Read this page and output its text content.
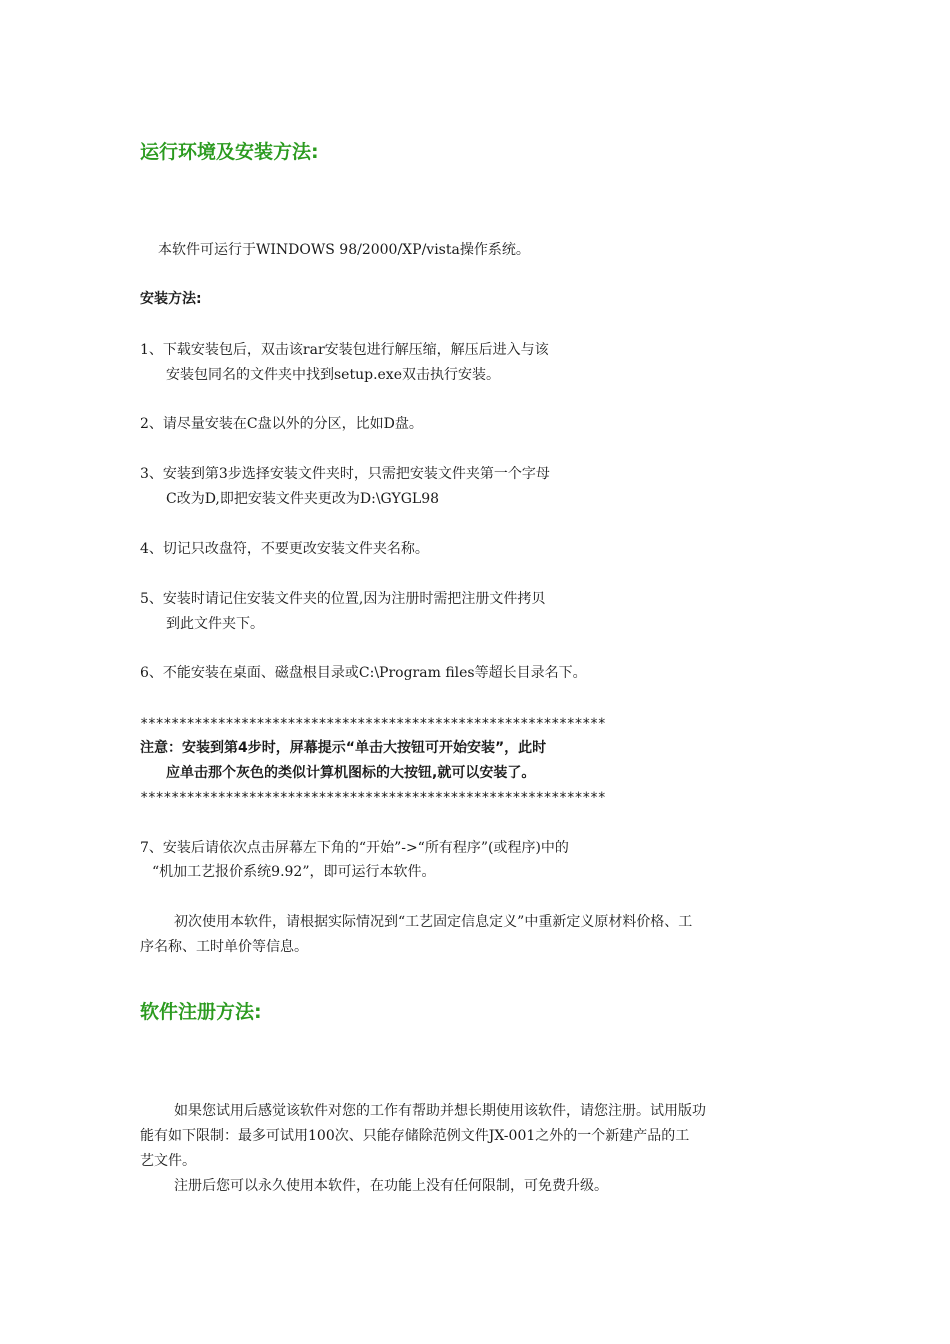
运行环境及安装方法:
本软件可运行于WINDOWS 98/2000/XP/vista操作系统。
安装方法:
1、下载安装包后，双击该rar安装包进行解压缩，解压后进入与该
安装包同名的文件夹中找到setup.exe双击执行安装。
2、请尽量安装在C盘以外的分区，比如D盘。
3、安装到第3步选择安装文件夹时，只需把安装文件夹第一个字母
C改为D,即把安装文件夹更改为D:\GYGL98
4、切记只改盘符，不要更改安装文件夹名称。
5、安装时请记住安装文件夹的位置,因为注册时需把注册文件拷贝
到此文件夹下。
6、不能安装在桌面、磁盘根目录或C:\Program files等超长目录名下。
************************************************************
注意：安装到第4步时，屏幕提示“单击大按钮可开始安装”，此时
应单击那个灰色的类似计算机图标的大按钮,就可以安装了。
************************************************************
7、安装后请依次点击屏幕左下角的“开始”->“所有程序”(或程序)中的
“机加工艺报价系统9.92”，即可运行本软件。
初次使用本软件，请根据实际情况到“工艺固定信息定义”中重新定义原材料价格、工
序名称、工时单价等信息。
软件注册方法:
如果您试用后感觉该软件对您的工作有帮助并想长期使用该软件，请您注册。试用版功
能有如下限制：最多可试用100次、只能存储除范例文件JX-001之外的一个新建产品的工
艺文件。
注册后您可以永久使用本软件，在功能上没有任何限制，可免费升级。
